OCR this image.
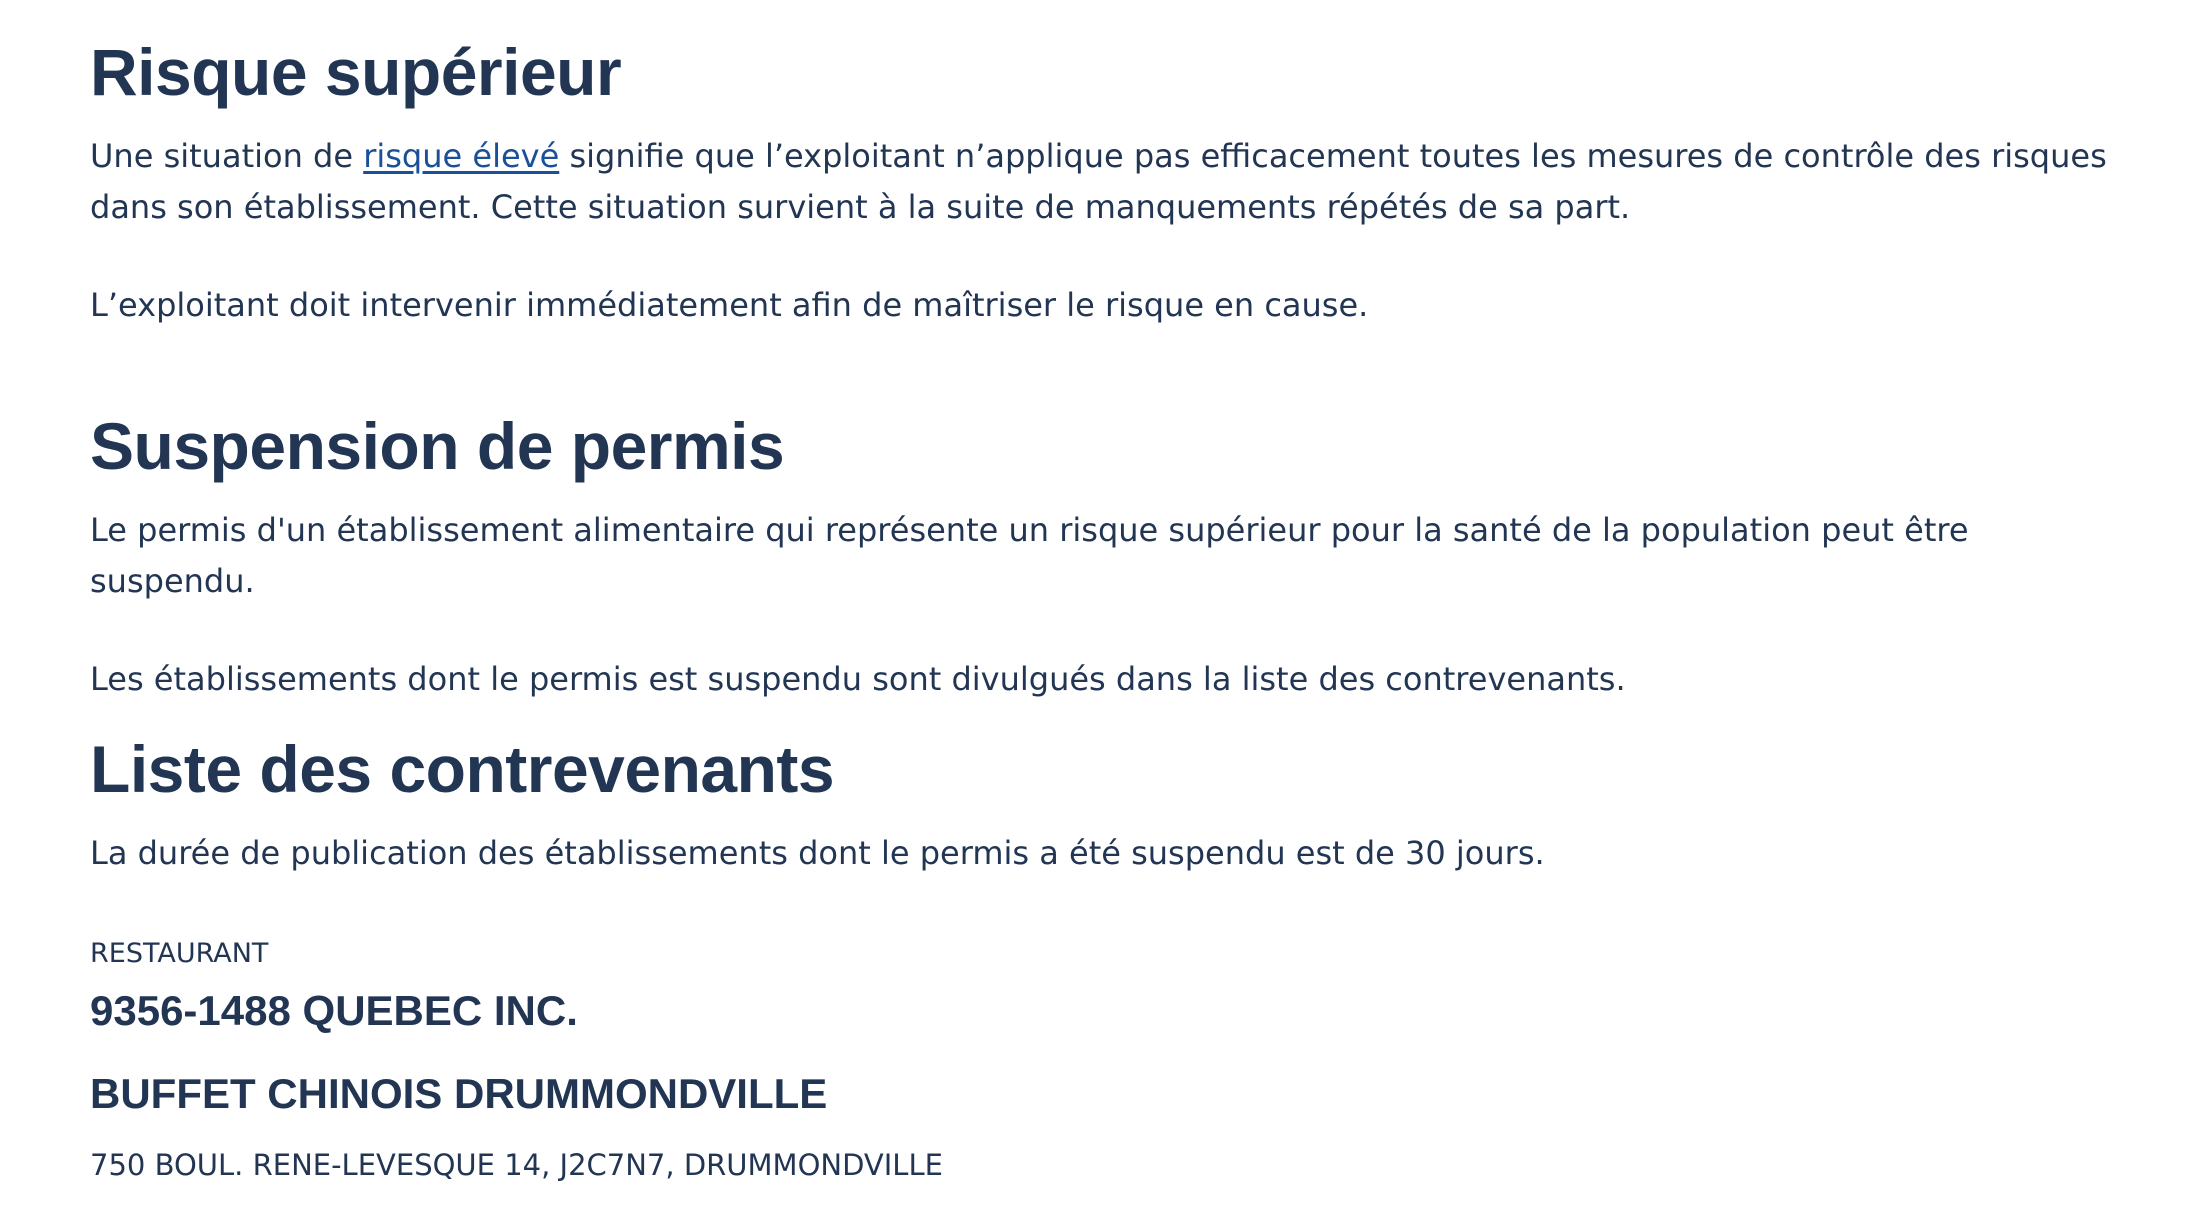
Risque supérieur

Une situation de risque élevé signifie que l’exploitant n’applique pas efficacement toutes les mesures de contrôle des risques dans son établissement. Cette situation survient à la suite de manquements répétés de sa part.

L’exploitant doit intervenir immédiatement afin de maîtriser le risque en cause.

Suspension de permis

Le permis d'un établissement alimentaire qui représente un risque supérieur pour la santé de la population peut être suspendu.

Les établissements dont le permis est suspendu sont divulgués dans la liste des contrevenants.

Liste des contrevenants

La durée de publication des établissements dont le permis a été suspendu est de 30 jours.

RESTAURANT
9356-1488 QUEBEC INC.
BUFFET CHINOIS DRUMMONDVILLE
750 BOUL. RENE-LEVESQUE 14, J2C7N7, DRUMMONDVILLE
